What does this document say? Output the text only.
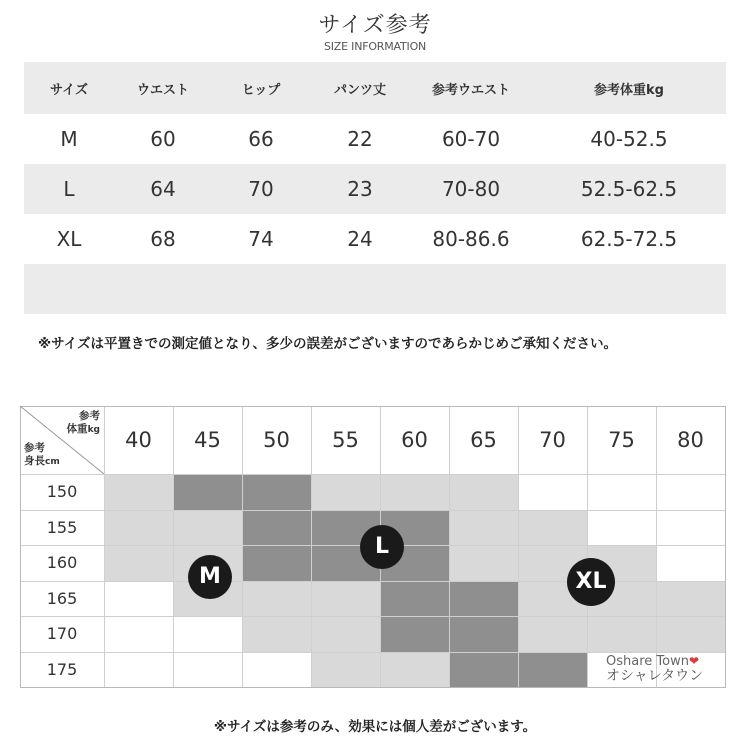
サイズ参考
SIZE INFORMATION
サイズ	ウエスト	ヒップ	パンツ丈	参考ウエスト	参考体重kg
M	60	66	22	60-70	40-52.5
L	64	70	23	70-80	52.5-62.5
XL	68	74	24	80-86.6	62.5-72.5
※サイズは平置きでの測定値となり、多少の誤差がございますのであらかじめご承知ください。
参考
体重kg
参考
身長cm
40	45	50	55	60	65	70	75	80
150
155
160
165
170
175
M
L
XL
Oshare Town❤
オシャレタウン
※サイズは参考のみ、効果には個人差がございます。
